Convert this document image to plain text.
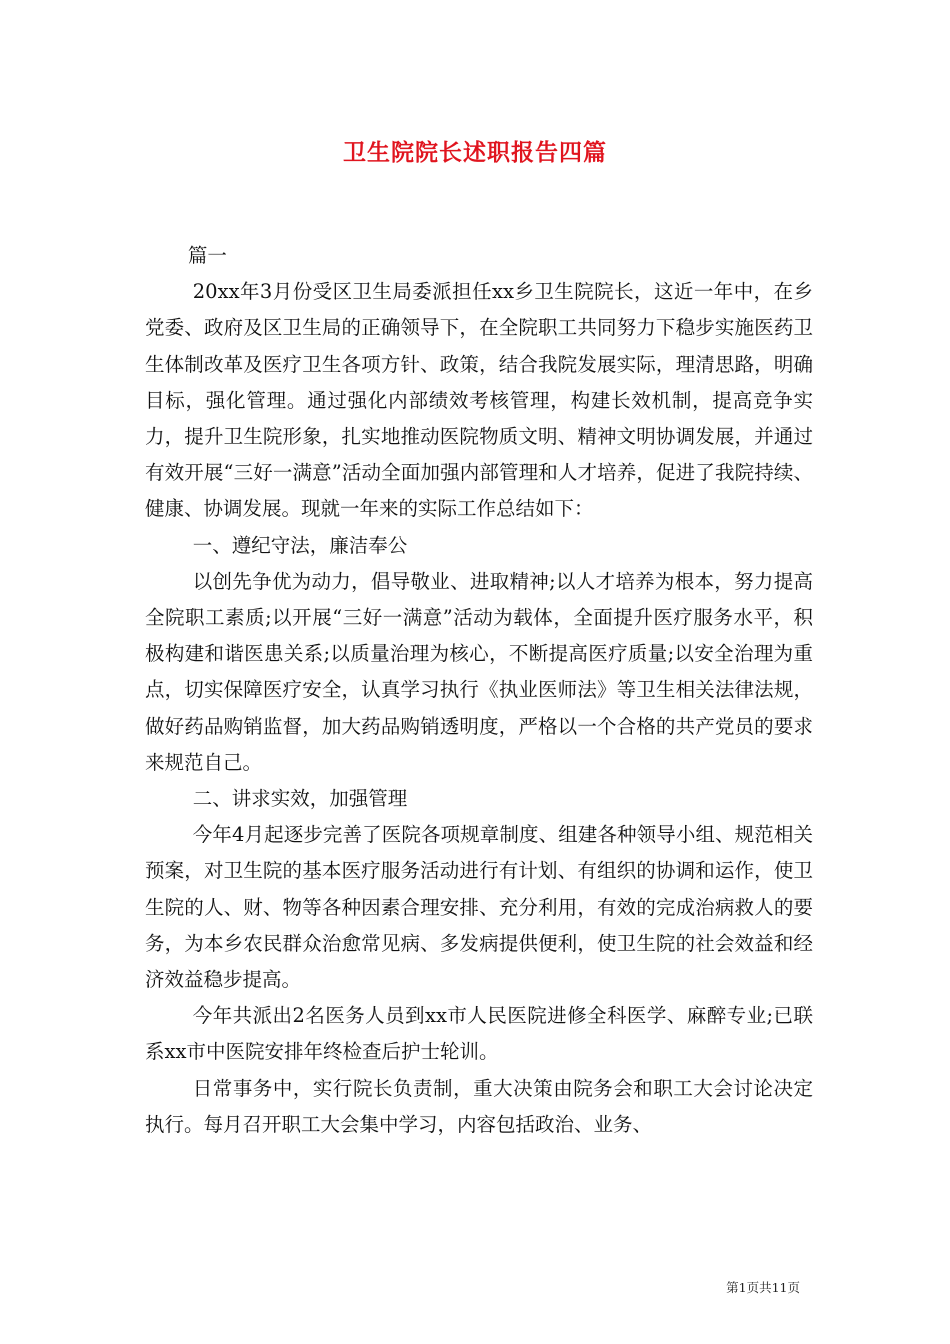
卫生院院长述职报告四篇

篇一

20xx年3月份受区卫生局委派担任xx乡卫生院院长，这近一年中，在乡党委、政府及区卫生局的正确领导下，在全院职工共同努力下稳步实施医药卫生体制改革及医疗卫生各项方针、政策，结合我院发展实际，理清思路，明确目标，强化管理。通过强化内部绩效考核管理，构建长效机制，提高竞争实力，提升卫生院形象，扎实地推动医院物质文明、精神文明协调发展，并通过有效开展“三好一满意”活动全面加强内部管理和人才培养，促进了我院持续、健康、协调发展。现就一年来的实际工作总结如下：

一、遵纪守法，廉洁奉公

以创先争优为动力，倡导敬业、进取精神;以人才培养为根本，努力提高全院职工素质;以开展“三好一满意”活动为载体，全面提升医疗服务水平，积极构建和谐医患关系;以质量治理为核心，不断提高医疗质量;以安全治理为重点，切实保障医疗安全，认真学习执行《执业医师法》等卫生相关法律法规，做好药品购销监督，加大药品购销透明度，严格以一个合格的共产党员的要求来规范自己。

二、讲求实效，加强管理

今年4月起逐步完善了医院各项规章制度、组建各种领导小组、规范相关预案，对卫生院的基本医疗服务活动进行有计划、有组织的协调和运作，使卫生院的人、财、物等各种因素合理安排、充分利用，有效的完成治病救人的要务，为本乡农民群众治愈常见病、多发病提供便利，使卫生院的社会效益和经济效益稳步提高。

今年共派出2名医务人员到xx市人民医院进修全科医学、麻醉专业;已联系xx市中医院安排年终检查后护士轮训。

日常事务中，实行院长负责制，重大决策由院务会和职工大会讨论决定执行。每月召开职工大会集中学习，内容包括政治、业务、

第1页共11页
